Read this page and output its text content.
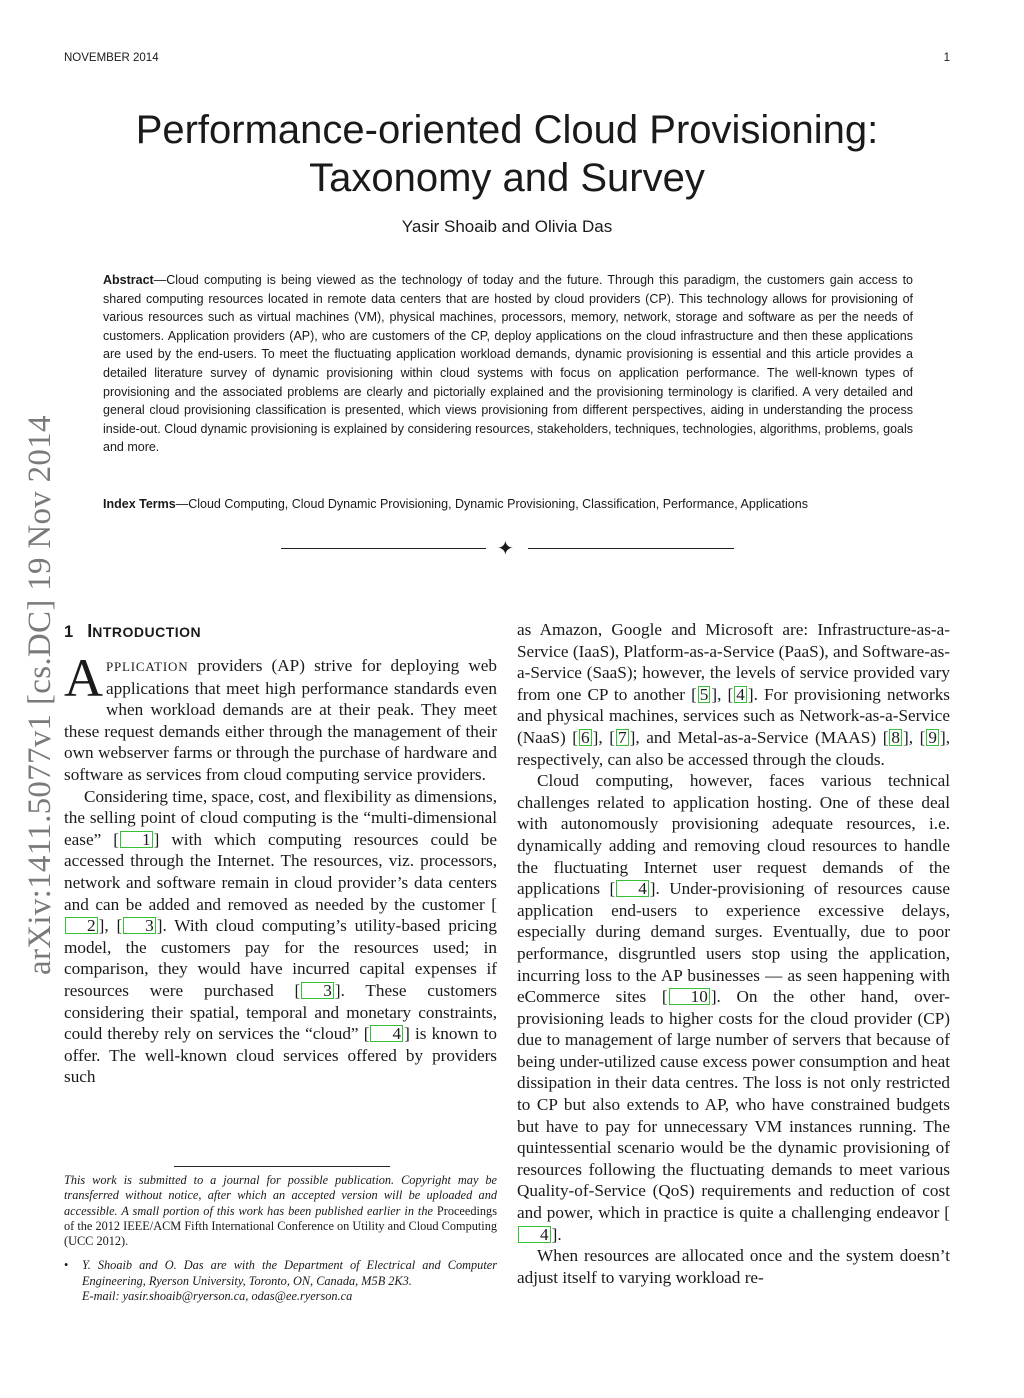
NOVEMBER 2014	1
arXiv:1411.5077v1 [cs.DC] 19 Nov 2014
Performance-oriented Cloud Provisioning:
Taxonomy and Survey
Yasir Shoaib and Olivia Das

Abstract—Cloud computing is being viewed as the technology of today and the future. Through this paradigm, the customers gain access to shared computing resources located in remote data centers that are hosted by cloud providers (CP). This technology allows for provisioning of various resources such as virtual machines (VM), physical machines, processors, memory, network, storage and software as per the needs of customers. Application providers (AP), who are customers of the CP, deploy applications on the cloud infrastructure and then these applications are used by the end-users. To meet the fluctuating application workload demands, dynamic provisioning is essential and this article provides a detailed literature survey of dynamic provisioning within cloud systems with focus on application performance. The well-known types of provisioning and the associated problems are clearly and pictorially explained and the provisioning terminology is clarified. A very detailed and general cloud provisioning classification is presented, which views provisioning from different perspectives, aiding in understanding the process inside-out. Cloud dynamic provisioning is explained by considering resources, stakeholders, techniques, technologies, algorithms, problems, goals and more.

Index Terms—Cloud Computing, Cloud Dynamic Provisioning, Dynamic Provisioning, Classification, Performance, Applications

✦
1 INTRODUCTION

APPLICATION providers (AP) strive for deploying web applications that meet high performance standards even when workload demands are at their peak. They meet these request demands either through the management of their own webserver farms or through the purchase of hardware and software as services from cloud computing service providers.

Considering time, space, cost, and flexibility as dimensions, the selling point of cloud computing is the “multi-dimensional ease” [ 1 ] with which computing resources could be accessed through the Internet. The resources, viz. processors, network and software remain in cloud provider’s data centers and can be added and removed as needed by the customer [2 ], [ 3 ]. With cloud computing’s utility-based pricing model, the customers pay for the resources used; in comparison, they would have incurred capital expenses if resources were purchased [ 3 ]. These customers considering their spatial, temporal and monetary constraints, could thereby rely on services the “cloud” [ 4 ] is known to offer. The well-known cloud services offered by providers such

as Amazon, Google and Microsoft are: Infrastructure-as-a-Service (IaaS), Platform-as-a-Service (PaaS), and Software-as-a-Service (SaaS); however, the levels of service provided vary from one CP to another [ 5 ], [ 4 ]. For provisioning networks and physical machines, services such as Network-as-a-Service (NaaS) [ 6 ], [ 7 ], and Metal-as-a-Service (MAAS) [ 8 ], [ 9 ], respectively, can also be accessed through the clouds.

Cloud computing, however, faces various technical challenges related to application hosting. One of these deal with autonomously provisioning adequate resources, i.e. dynamically adding and removing cloud resources to handle the fluctuating Internet user request demands of the applications [ 4 ]. Under-provisioning of resources cause application end-users to experience excessive delays, especially during demand surges. Eventually, due to poor performance, disgruntled users stop using the application, incurring loss to the AP businesses — as seen happening with eCommerce sites [ 10 ]. On the other hand, over-provisioning leads to higher costs for the cloud provider (CP) due to management of large number of servers that because of being under-utilized cause excess power consumption and heat dissipation in their data centres. The loss is not only restricted to CP but also extends to AP, who have constrained budgets but have to pay for unnecessary VM instances running. The quintessential scenario would be the dynamic provisioning of resources following the fluctuating demands to meet various Quality-of-Service (QoS) requirements and reduction of cost and power, which in practice is quite a challenging endeavor [4 ].

When resources are allocated once and the system doesn’t adjust itself to varying workload re-

This work is submitted to a journal for possible publication. Copyright may be transferred without notice, after which an accepted version will be uploaded and accessible. A small portion of this work has been published earlier in the Proceedings of the 2012 IEEE/ACM Fifth International Conference on Utility and Cloud Computing (UCC 2012).

• Y. Shoaib and O. Das are with the Department of Electrical and Computer Engineering, Ryerson University, Toronto, ON, Canada, M5B 2K3.
E-mail: yasir.shoaib@ryerson.ca, odas@ee.ryerson.ca
